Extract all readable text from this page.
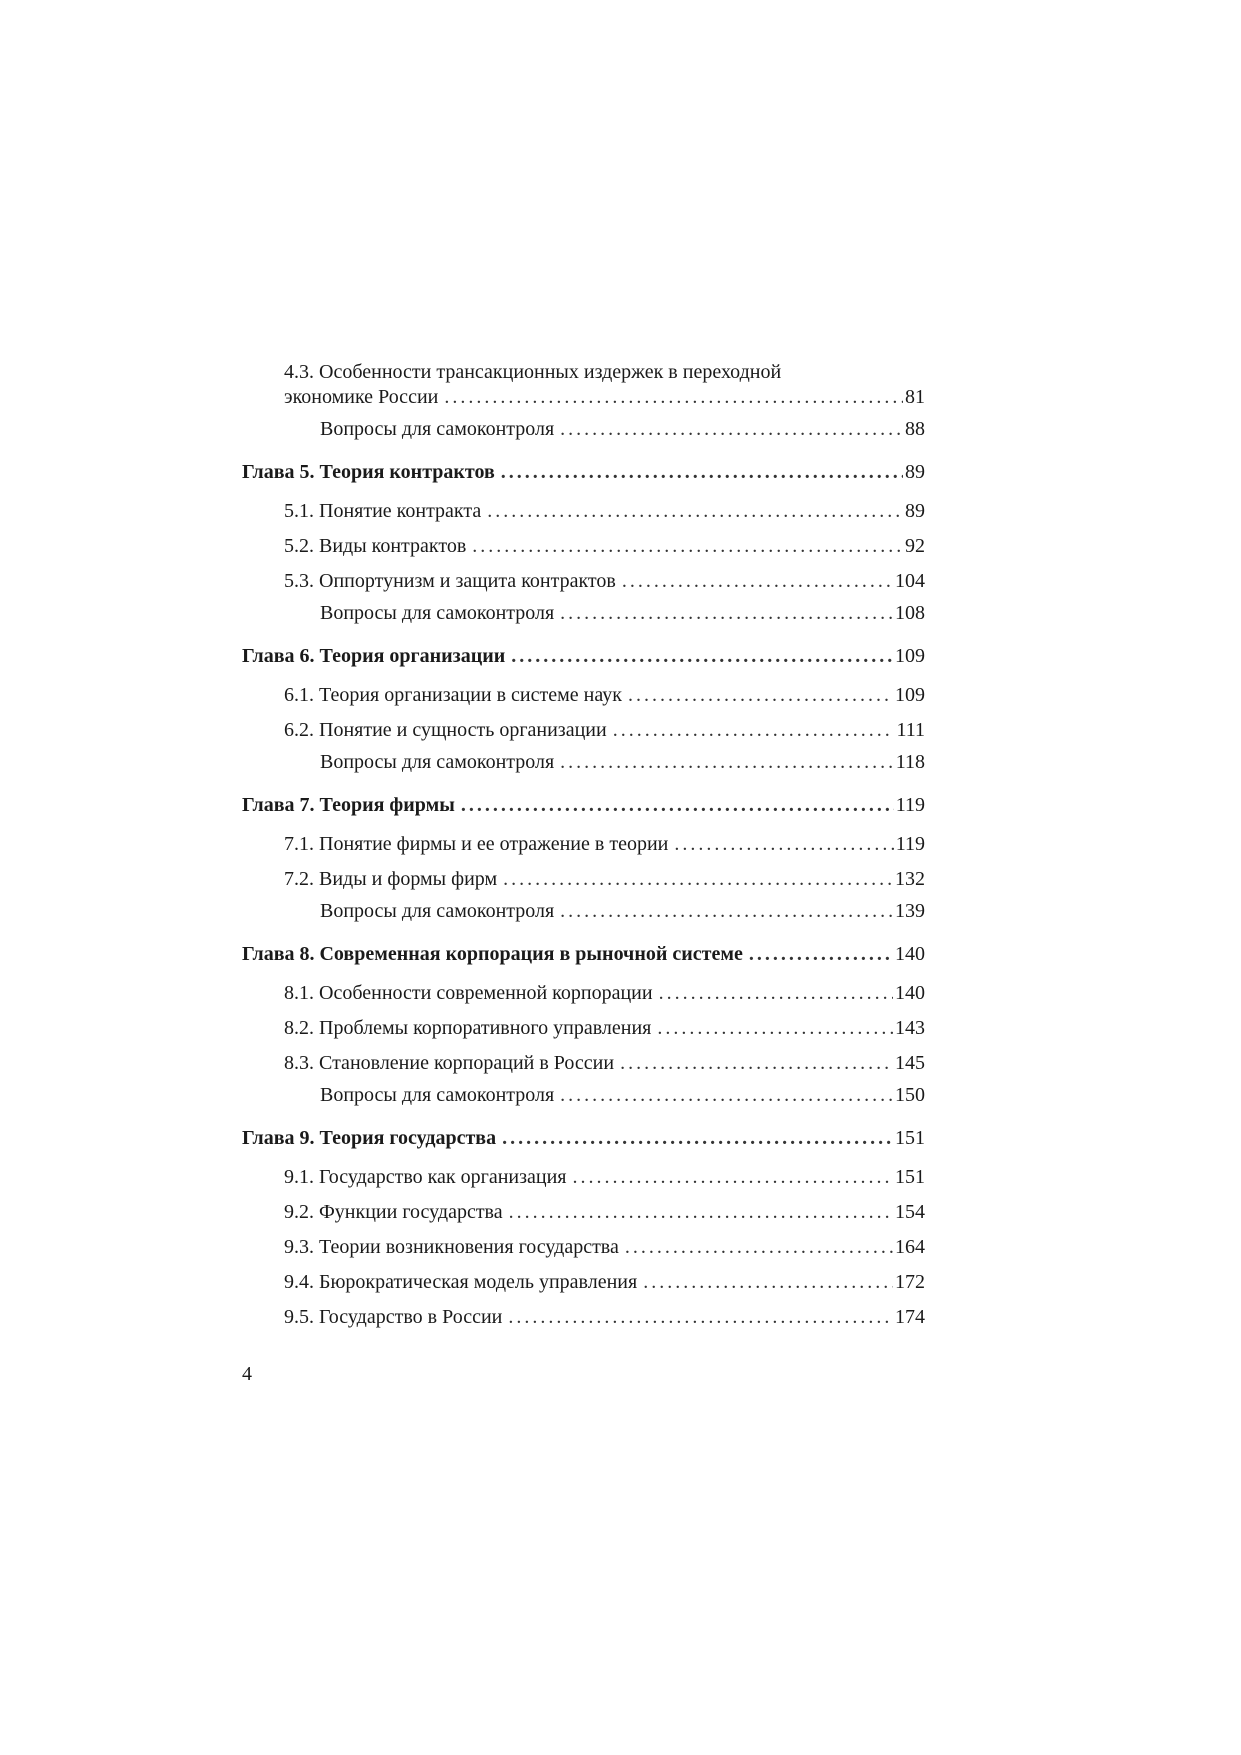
4.3. Особенности трансакционных издержек в переходной
экономике России . . .	81
Вопросы для самоконтроля . . .	88
Глава 5. Теория контрактов . . .	89
5.1. Понятие контракта . . .	89
5.2. Виды контрактов . . .	92
5.3. Оппортунизм и защита контрактов . . .	104
Вопросы для самоконтроля . . .	108
Глава 6. Теория организации . . .	109
6.1. Теория организации в системе наук . . .	109
6.2. Понятие и сущность организации . . .	111
Вопросы для самоконтроля . . .	118
Глава 7. Теория фирмы . . .	119
7.1. Понятие фирмы и ее отражение в теории . . .	119
7.2. Виды и формы фирм . . .	132
Вопросы для самоконтроля . . .	139
Глава 8. Современная корпорация в рыночной системе . . .	140
8.1. Особенности современной корпорации . . .	140
8.2. Проблемы корпоративного управления . . .	143
8.3. Становление корпораций в России . . .	145
Вопросы для самоконтроля . . .	150
Глава 9. Теория государства . . .	151
9.1. Государство как организация . . .	151
9.2. Функции государства . . .	154
9.3. Теории возникновения государства . . .	164
9.4. Бюрократическая модель управления . . .	172
9.5. Государство в России . . .	174
4
